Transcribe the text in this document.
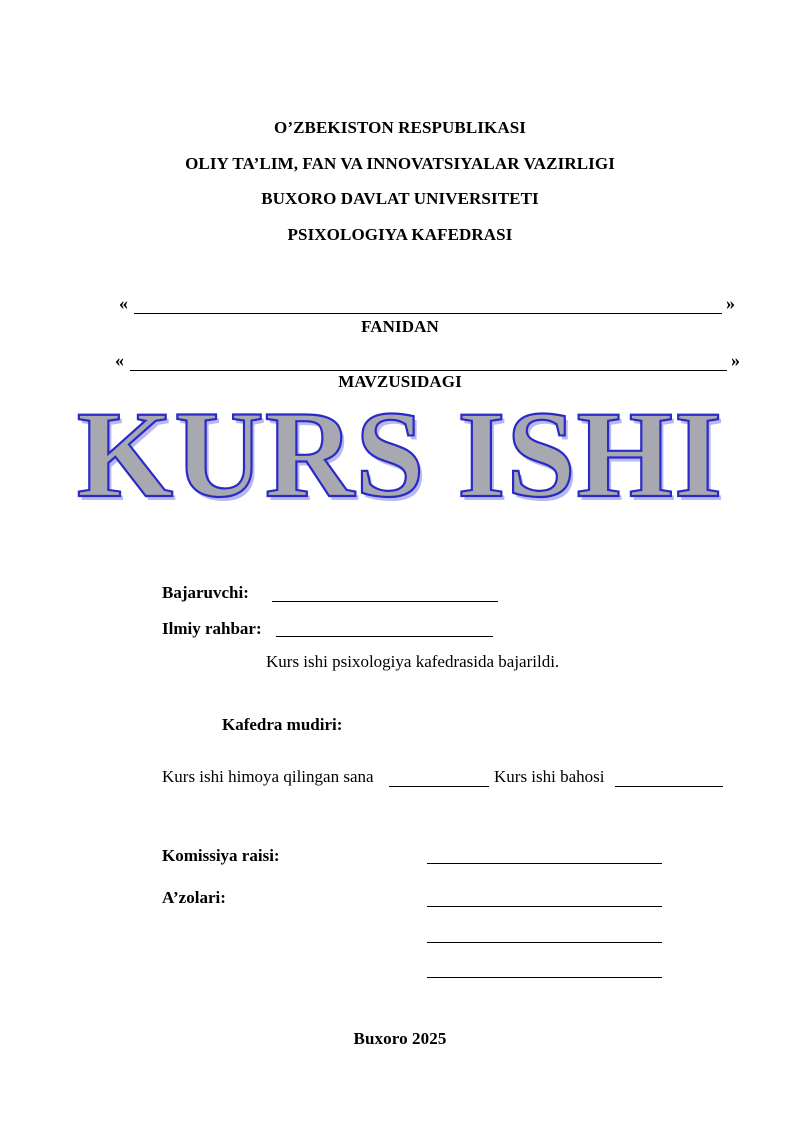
O’ZBEKISTON RESPUBLIKASI
OLIY TA’LIM, FAN VA INNOVATSIYALAR VAZIRLIGI
BUXORO DAVLAT UNIVERSITETI
PSIXOLOGIYA KAFEDRASI
«	»
FANIDAN
«	»
MAVZUSIDAGI
KURS ISHI
Bajaruvchi:
Ilmiy rahbar:
Kurs ishi psixologiya kafedrasida bajarildi.
Kafedra mudiri:
Kurs ishi himoya qilingan sana	Kurs ishi bahosi
Komissiya raisi:
A’zolari:
Buxoro 2025
